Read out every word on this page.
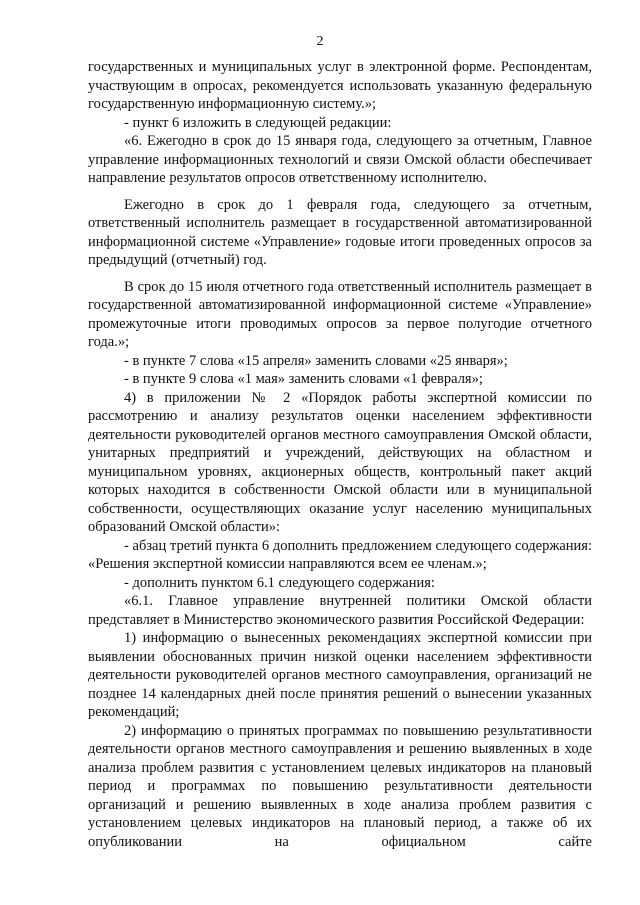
2

государственных и муниципальных услуг в электронной форме. Респондентам, участвующим в опросах, рекомендуется использовать указанную федеральную государственную информационную систему.»;

- пункт 6 изложить в следующей редакции:

«6. Ежегодно в срок до 15 января года, следующего за отчетным, Главное управление информационных технологий и связи Омской области обеспечивает направление результатов опросов ответственному исполнителю.

Ежегодно в срок до 1 февраля года, следующего за отчетным, ответственный исполнитель размещает в государственной автоматизированной информационной системе «Управление» годовые итоги проведенных опросов за предыдущий (отчетный) год.

В срок до 15 июля отчетного года ответственный исполнитель размещает в государственной автоматизированной информационной системе «Управление» промежуточные итоги проводимых опросов за первое полугодие отчетного года.»;

- в пункте 7 слова «15 апреля» заменить словами «25 января»;

- в пункте 9 слова «1 мая» заменить словами «1 февраля»;

4) в приложении № 2 «Порядок работы экспертной комиссии по рассмотрению и анализу результатов оценки населением эффективности деятельности руководителей органов местного самоуправления Омской области, унитарных предприятий и учреждений, действующих на областном и муниципальном уровнях, акционерных обществ, контрольный пакет акций которых находится в собственности Омской области или в муниципальной собственности, осуществляющих оказание услуг населению муниципальных образований Омской области»:

- абзац третий пункта 6 дополнить предложением следующего содержания: «Решения экспертной комиссии направляются всем ее членам.»;

- дополнить пунктом 6.1 следующего содержания:

«6.1. Главное управление внутренней политики Омской области представляет в Министерство экономического развития Российской Федерации:

1) информацию о вынесенных рекомендациях экспертной комиссии при выявлении обоснованных причин низкой оценки населением эффективности деятельности руководителей органов местного самоуправления, организаций не позднее 14 календарных дней после принятия решений о вынесении указанных рекомендаций;

2) информацию о принятых программах по повышению результативности деятельности органов местного самоуправления и решению выявленных в ходе анализа проблем развития с установлением целевых индикаторов на плановый период и программах по повышению результативности деятельности организаций и решению выявленных в ходе анализа проблем развития с установлением целевых индикаторов на плановый период, а также об их опубликовании на официальном сайте
